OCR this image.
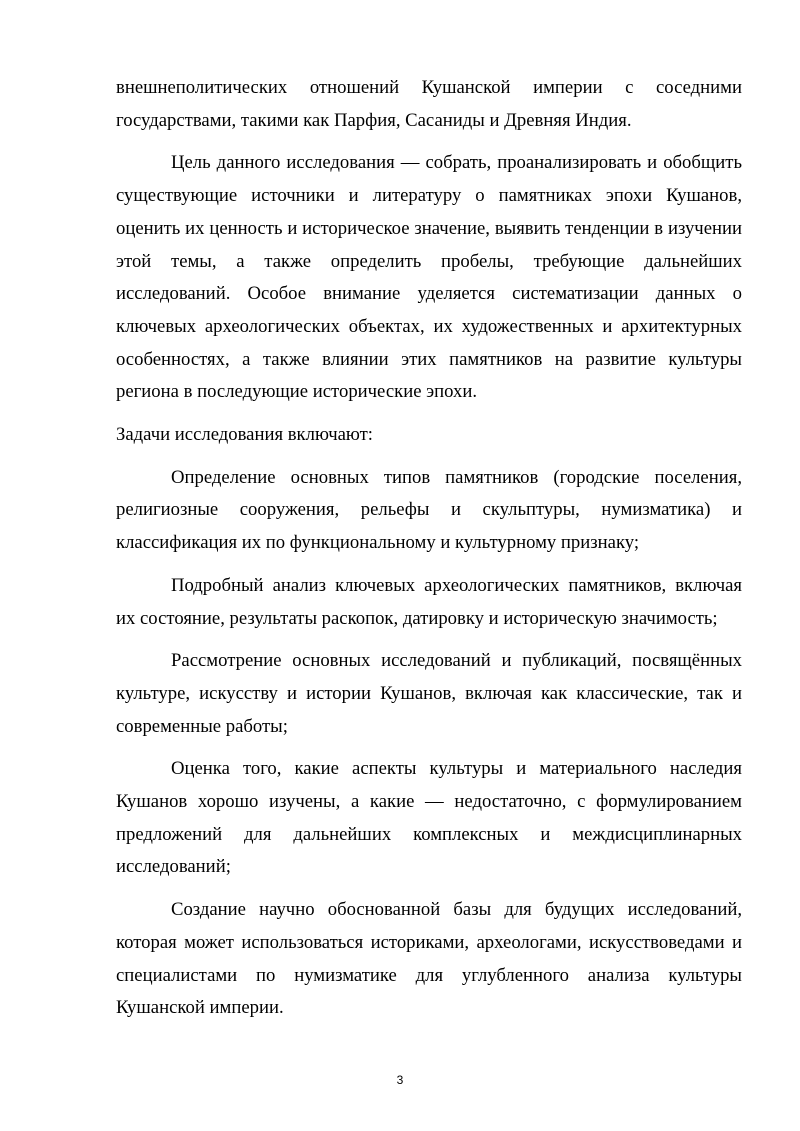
внешнеполитических отношений Кушанской империи с соседними государствами, такими как Парфия, Сасаниды и Древняя Индия.

Цель данного исследования — собрать, проанализировать и обобщить существующие источники и литературу о памятниках эпохи Кушанов, оценить их ценность и историческое значение, выявить тенденции в изучении этой темы, а также определить пробелы, требующие дальнейших исследований. Особое внимание уделяется систематизации данных о ключевых археологических объектах, их художественных и архитектурных особенностях, а также влиянии этих памятников на развитие культуры региона в последующие исторические эпохи.

Задачи исследования включают:

Определение основных типов памятников (городские поселения, религиозные сооружения, рельефы и скульптуры, нумизматика) и классификация их по функциональному и культурному признаку;

Подробный анализ ключевых археологических памятников, включая их состояние, результаты раскопок, датировку и историческую значимость;

Рассмотрение основных исследований и публикаций, посвящённых культуре, искусству и истории Кушанов, включая как классические, так и современные работы;

Оценка того, какие аспекты культуры и материального наследия Кушанов хорошо изучены, а какие — недостаточно, с формулированием предложений для дальнейших комплексных и междисциплинарных исследований;

Создание научно обоснованной базы для будущих исследований, которая может использоваться историками, археологами, искусствоведами и специалистами по нумизматике для углубленного анализа культуры Кушанской империи.

3
